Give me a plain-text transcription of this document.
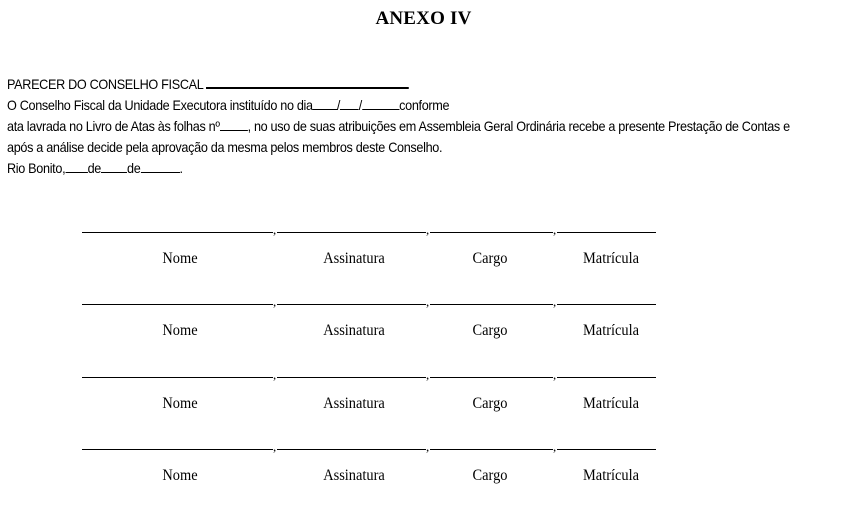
ANEXO IV
PARECER DO CONSELHO FISCAL
O Conselho Fiscal da Unidade Executora instituído no dia / /	conforme
ata lavrada no Livro de Atas às folhas nº , no uso de suas atribuições em Assembleia Geral Ordinária recebe a presente Prestação de Contas e
após a análise decide pela aprovação da mesma pelos membros deste Conselho.
Rio Bonito, de de	.
,	,	,
Nome	Assinatura	Cargo	Matrícula
,	,	,
Nome	Assinatura	Cargo	Matrícula
,	,	,
Nome	Assinatura	Cargo	Matrícula
,	,	,
Nome	Assinatura	Cargo	Matrícula
